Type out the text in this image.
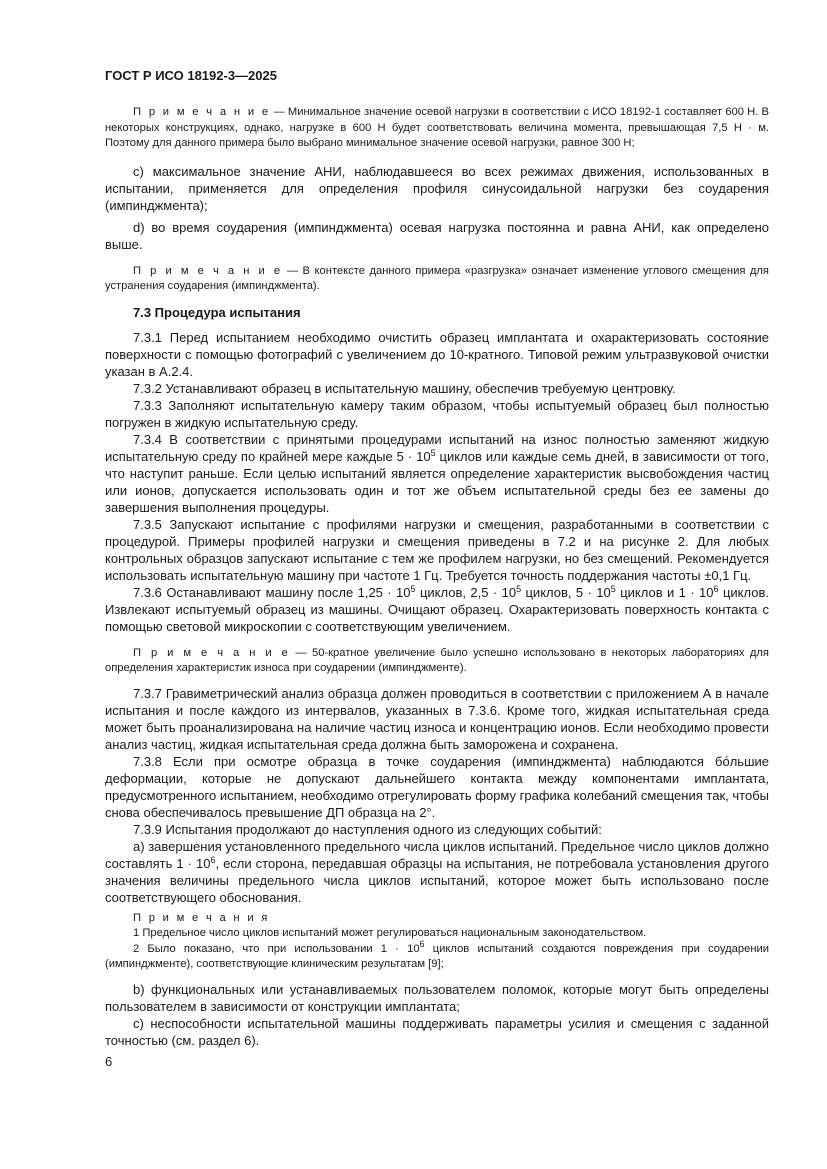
ГОСТ Р ИСО 18192-3—2025

П р и м е ч а н и е — Минимальное значение осевой нагрузки в соответствии с ИСО 18192-1 составляет 600 Н. В некоторых конструкциях, однако, нагрузке в 600 Н будет соответствовать величина момента, превышающая 7,5 Н · м. Поэтому для данного примера было выбрано минимальное значение осевой нагрузки, равное 300 Н;

c) максимальное значение АНИ, наблюдавшееся во всех режимах движения, использованных в испытании, применяется для определения профиля синусоидальной нагрузки без соударения (импинджмента);

d) во время соударения (импинджмента) осевая нагрузка постоянна и равна АНИ, как определено выше.

П р и м е ч а н и е — В контексте данного примера «разгрузка» означает изменение углового смещения для устранения соударения (импинджмента).

7.3 Процедура испытания

7.3.1 Перед испытанием необходимо очистить образец имплантата и охарактеризовать состояние поверхности с помощью фотографий с увеличением до 10-кратного. Типовой режим ультразвуковой очистки указан в А.2.4.

7.3.2 Устанавливают образец в испытательную машину, обеспечив требуемую центровку.

7.3.3 Заполняют испытательную камеру таким образом, чтобы испытуемый образец был полностью погружен в жидкую испытательную среду.

7.3.4 В соответствии с принятыми процедурами испытаний на износ полностью заменяют жидкую испытательную среду по крайней мере каждые $5 \cdot 10^5$ циклов или каждые семь дней, в зависимости от того, что наступит раньше. Если целью испытаний является определение характеристик высвобождения частиц или ионов, допускается использовать один и тот же объем испытательной среды без ее замены до завершения выполнения процедуры.

7.3.5 Запускают испытание с профилями нагрузки и смещения, разработанными в соответствии с процедурой. Примеры профилей нагрузки и смещения приведены в 7.2 и на рисунке 2. Для любых контрольных образцов запускают испытание с тем же профилем нагрузки, но без смещений. Рекомендуется использовать испытательную машину при частоте 1 Гц. Требуется точность поддержания частоты ±0,1 Гц.

7.3.6 Останавливают машину после $1,25 \cdot 10^5$ циклов, $2,5 \cdot 10^5$ циклов, $5 \cdot 10^5$ циклов и $1 \cdot 10^6$ циклов. Извлекают испытуемый образец из машины. Очищают образец. Охарактеризовать поверхность контакта с помощью световой микроскопии с соответствующим увеличением.

П р и м е ч а н и е — 50-кратное увеличение было успешно использовано в некоторых лабораториях для определения характеристик износа при соударении (импинджменте).

7.3.7 Гравиметрический анализ образца должен проводиться в соответствии с приложением А в начале испытания и после каждого из интервалов, указанных в 7.3.6. Кроме того, жидкая испытательная среда может быть проанализирована на наличие частиц износа и концентрацию ионов. Если необходимо провести анализ частиц, жидкая испытательная среда должна быть заморожена и сохранена.

7.3.8 Если при осмотре образца в точке соударения (импинджмента) наблюдаются бо́льшие деформации, которые не допускают дальнейшего контакта между компонентами имплантата, предусмотренного испытанием, необходимо отрегулировать форму графика колебаний смещения так, чтобы снова обеспечивалось превышение ДП образца на 2°.

7.3.9 Испытания продолжают до наступления одного из следующих событий:

a) завершения установленного предельного числа циклов испытаний. Предельное число циклов должно составлять $1 \cdot 10^6$, если сторона, передавшая образцы на испытания, не потребовала установления другого значения величины предельного числа циклов испытаний, которое может быть использовано после соответствующего обоснования.

П р и м е ч а н и я

1 Предельное число циклов испытаний может регулироваться национальным законодательством.

2 Было показано, что при использовании $1 \cdot 10^6$ циклов испытаний создаются повреждения при соударении (импинджменте), соответствующие клиническим результатам [9];

b) функциональных или устанавливаемых пользователем поломок, которые могут быть определены пользователем в зависимости от конструкции имплантата;

c) неспособности испытательной машины поддерживать параметры усилия и смещения с заданной точностью (см. раздел 6).

6
